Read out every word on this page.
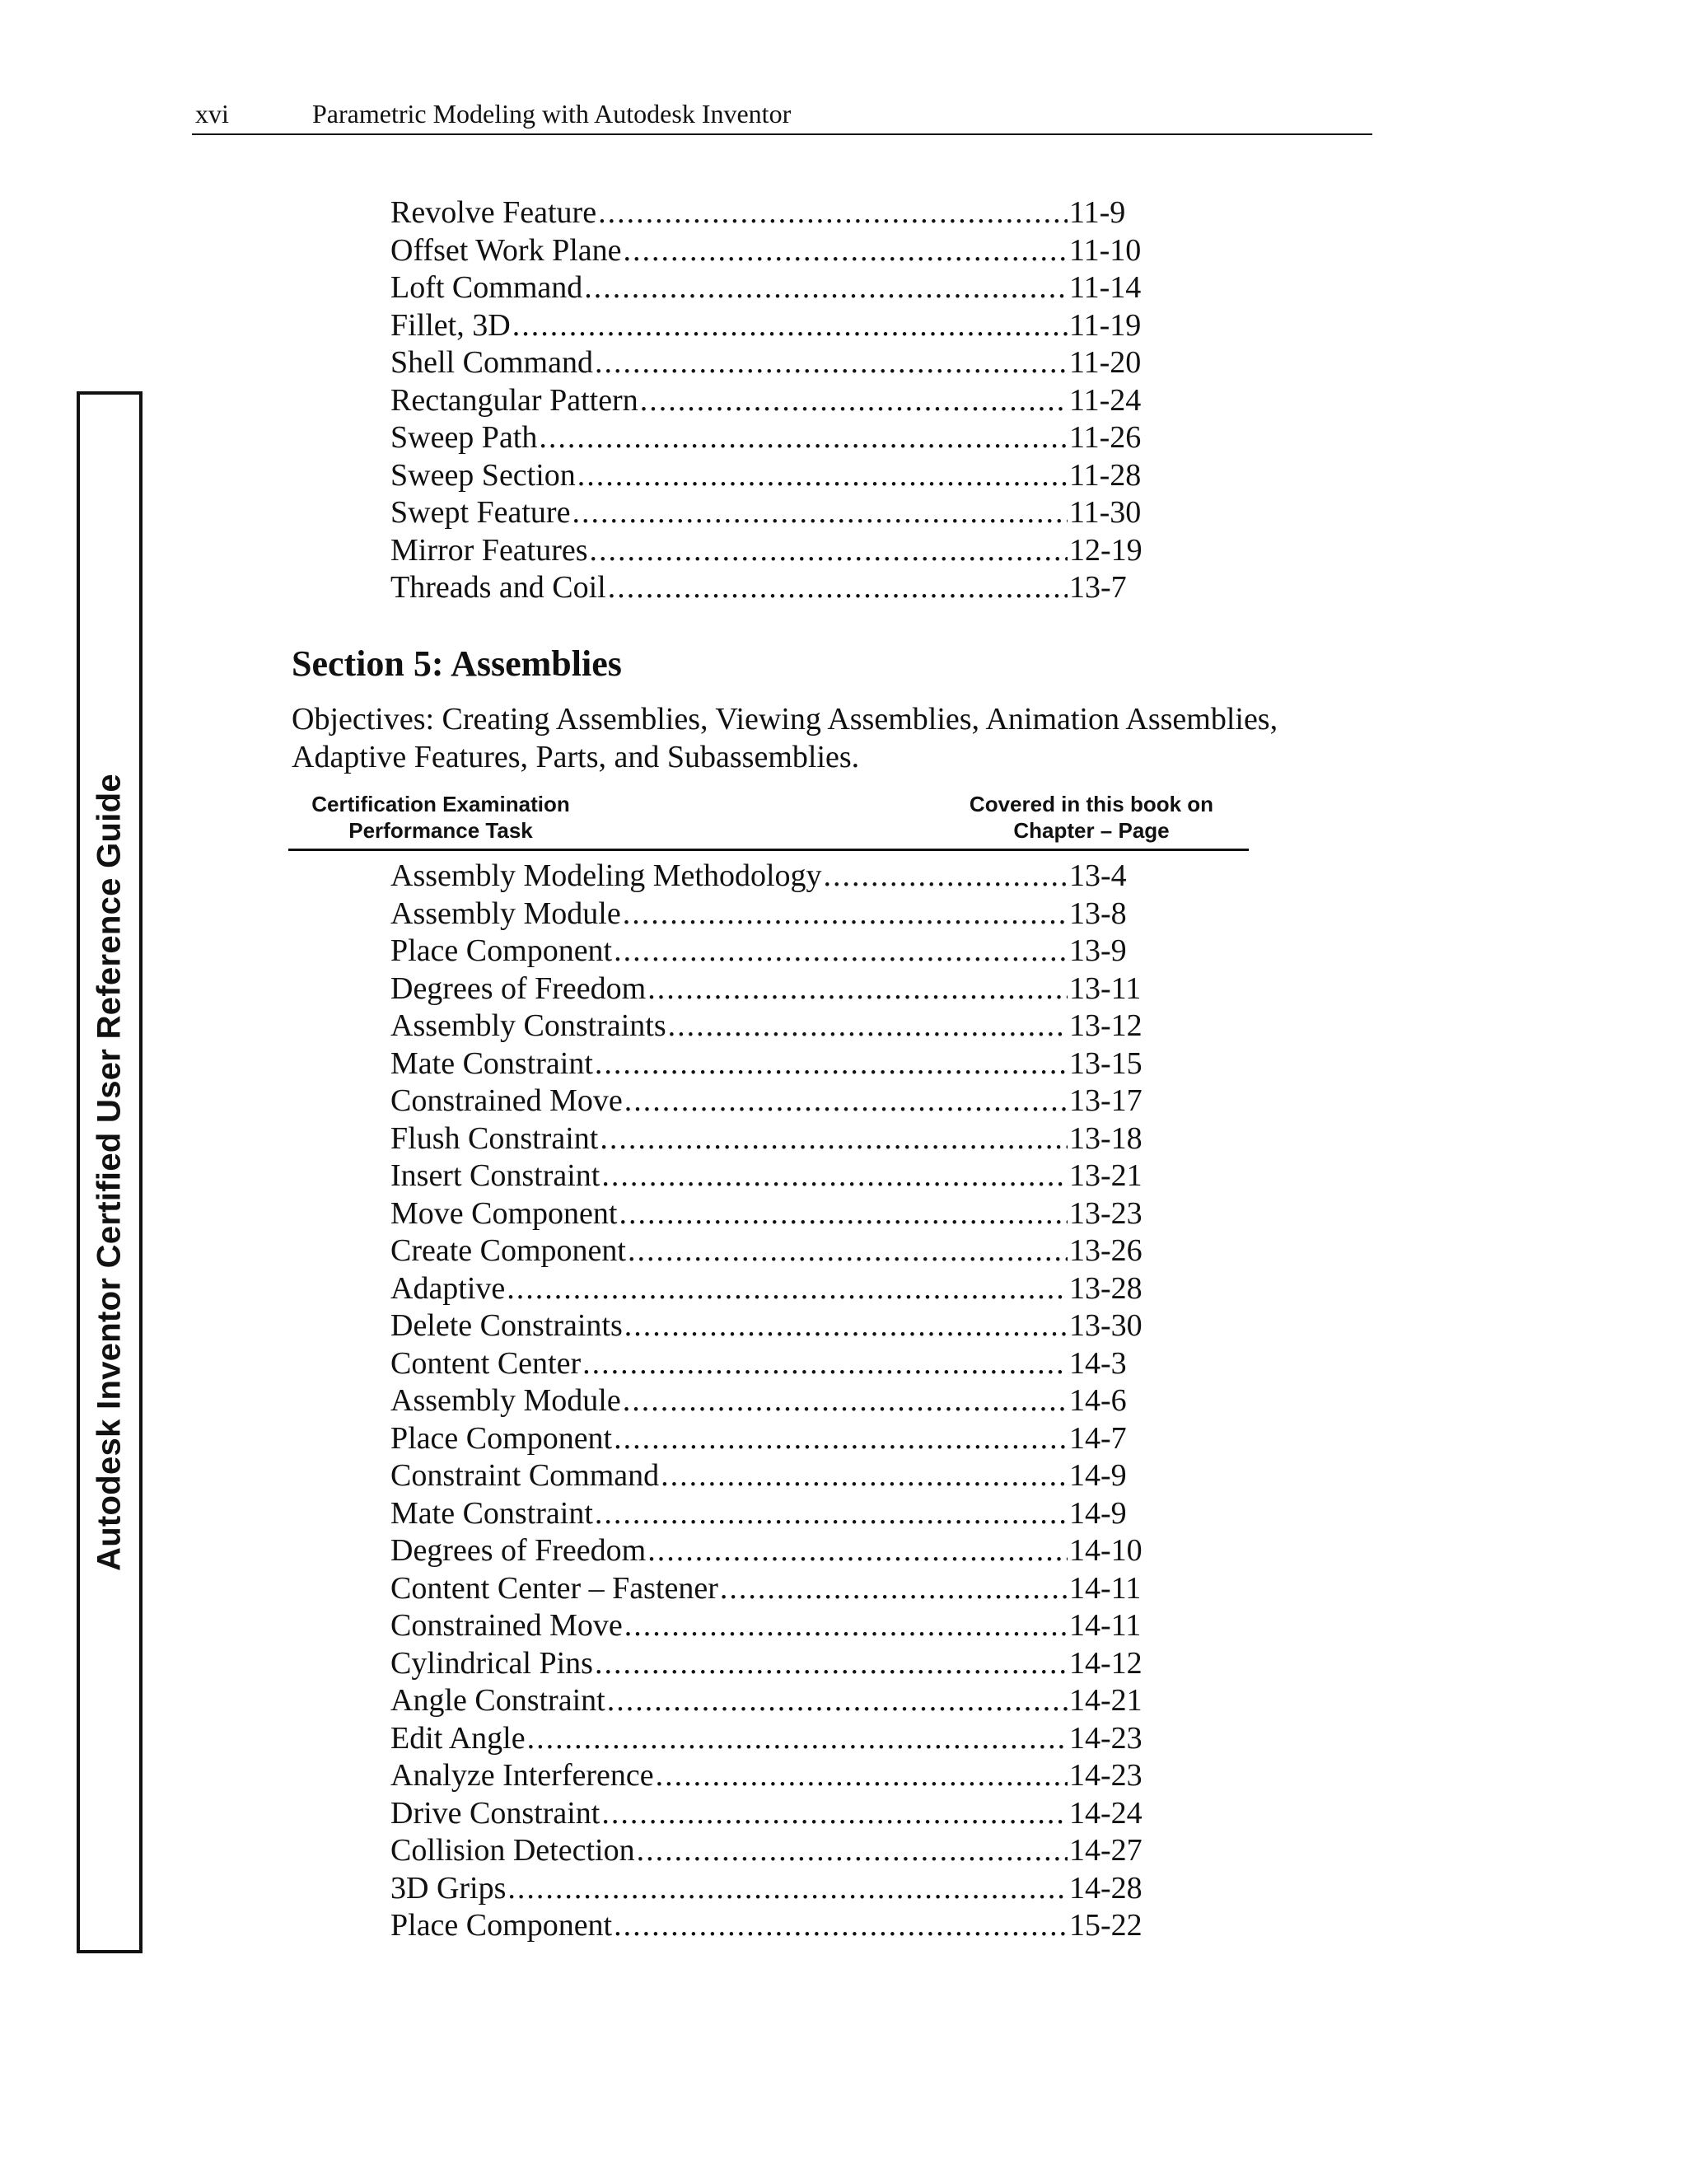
xvi	Parametric Modeling with Autodesk Inventor
Autodesk Inventor Certified User Reference Guide
Revolve Feature .....	11-9
Offset Work Plane .....	11-10
Loft Command .....	11-14
Fillet, 3D .....	11-19
Shell Command .....	11-20
Rectangular Pattern .....	11-24
Sweep Path .....	11-26
Sweep Section .....	11-28
Swept Feature .....	11-30
Mirror Features .....	12-19
Threads and Coil .....	13-7
Section 5: Assemblies
Objectives: Creating Assemblies, Viewing Assemblies, Animation Assemblies, Adaptive Features, Parts, and Subassemblies.
Certification Examination
Performance Task
Covered in this book on
Chapter – Page
Assembly Modeling Methodology .....	13-4
Assembly Module .....	13-8
Place Component .....	13-9
Degrees of Freedom .....	13-11
Assembly Constraints .....	13-12
Mate Constraint .....	13-15
Constrained Move .....	13-17
Flush Constraint .....	13-18
Insert Constraint .....	13-21
Move Component .....	13-23
Create Component .....	13-26
Adaptive .....	13-28
Delete Constraints .....	13-30
Content Center .....	14-3
Assembly Module .....	14-6
Place Component .....	14-7
Constraint Command .....	14-9
Mate Constraint .....	14-9
Degrees of Freedom .....	14-10
Content Center – Fastener .....	14-11
Constrained Move .....	14-11
Cylindrical Pins .....	14-12
Angle Constraint .....	14-21
Edit Angle .....	14-23
Analyze Interference .....	14-23
Drive Constraint .....	14-24
Collision Detection .....	14-27
3D Grips .....	14-28
Place Component .....	15-22
